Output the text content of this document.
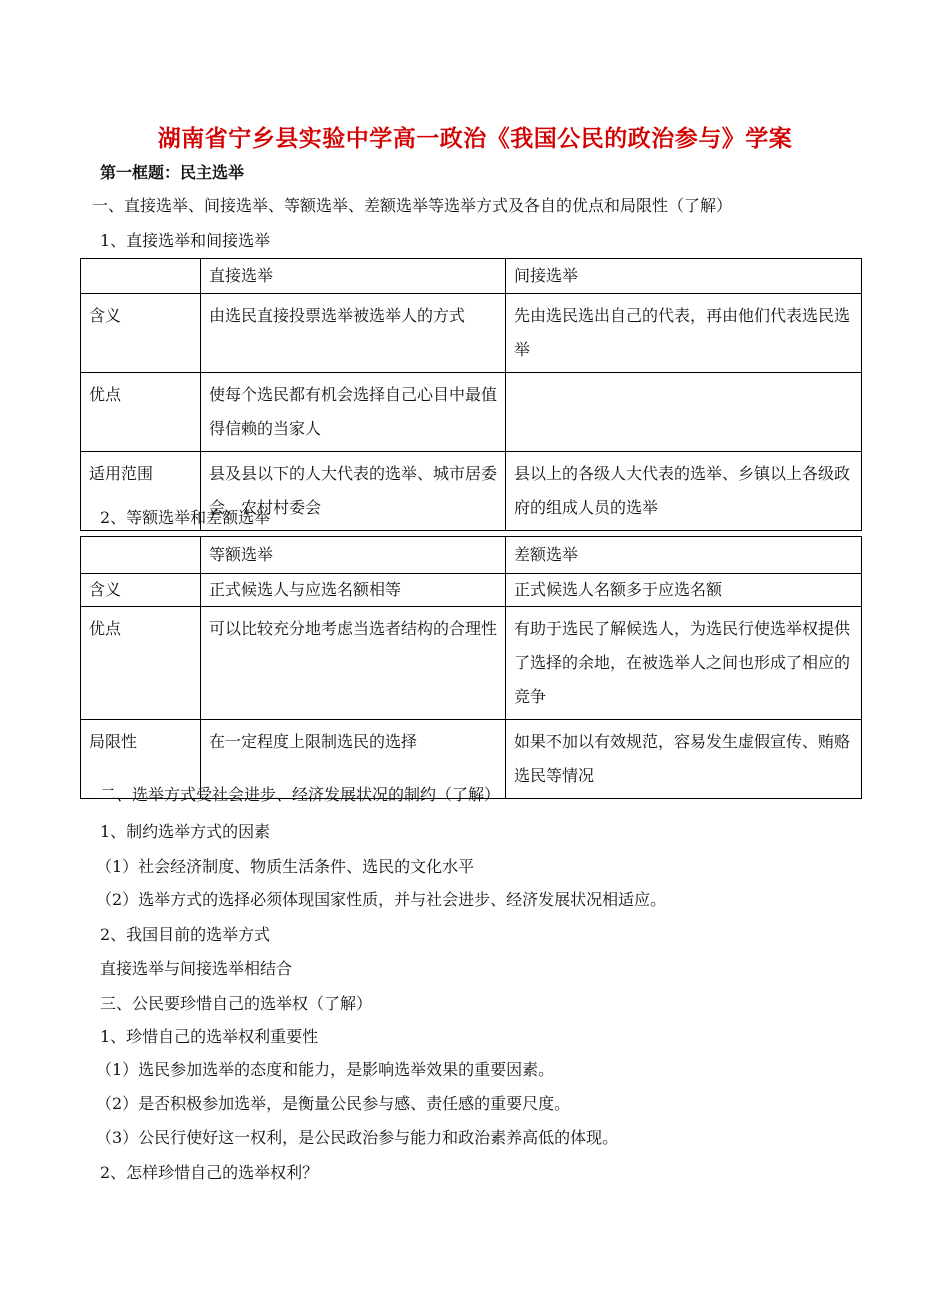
湖南省宁乡县实验中学高一政治《我国公民的政治参与》学案
第一框题：民主选举
一、直接选举、间接选举、等额选举、差额选举等选举方式及各自的优点和局限性（了解）
1、直接选举和间接选举
	直接选举	间接选举
含义	由选民直接投票选举被选举人的方式	先由选民选出自己的代表，再由他们代表选民选举
优点	使每个选民都有机会选择自己心目中最值得信赖的当家人	
适用范围	县及县以下的人大代表的选举、城市居委会、农村村委会	县以上的各级人大代表的选举、乡镇以上各级政府的组成人员的选举
2、等额选举和差额选举
	等额选举	差额选举
含义	正式候选人与应选名额相等	正式候选人名额多于应选名额
优点	可以比较充分地考虑当选者结构的合理性	有助于选民了解候选人，为选民行使选举权提供了选择的余地，在被选举人之间也形成了相应的竞争
局限性	在一定程度上限制选民的选择	如果不加以有效规范，容易发生虚假宣传、贿赂选民等情况
二、选举方式受社会进步、经济发展状况的制约（了解）
1、制约选举方式的因素
（1）社会经济制度、物质生活条件、选民的文化水平
（2）选举方式的选择必须体现国家性质，并与社会进步、经济发展状况相适应。
2、我国目前的选举方式
直接选举与间接选举相结合
三、公民要珍惜自己的选举权（了解）
1、珍惜自己的选举权利重要性
（1）选民参加选举的态度和能力，是影响选举效果的重要因素。
（2）是否积极参加选举，是衡量公民参与感、责任感的重要尺度。
（3）公民行使好这一权利，是公民政治参与能力和政治素养高低的体现。
2、怎样珍惜自己的选举权利？
